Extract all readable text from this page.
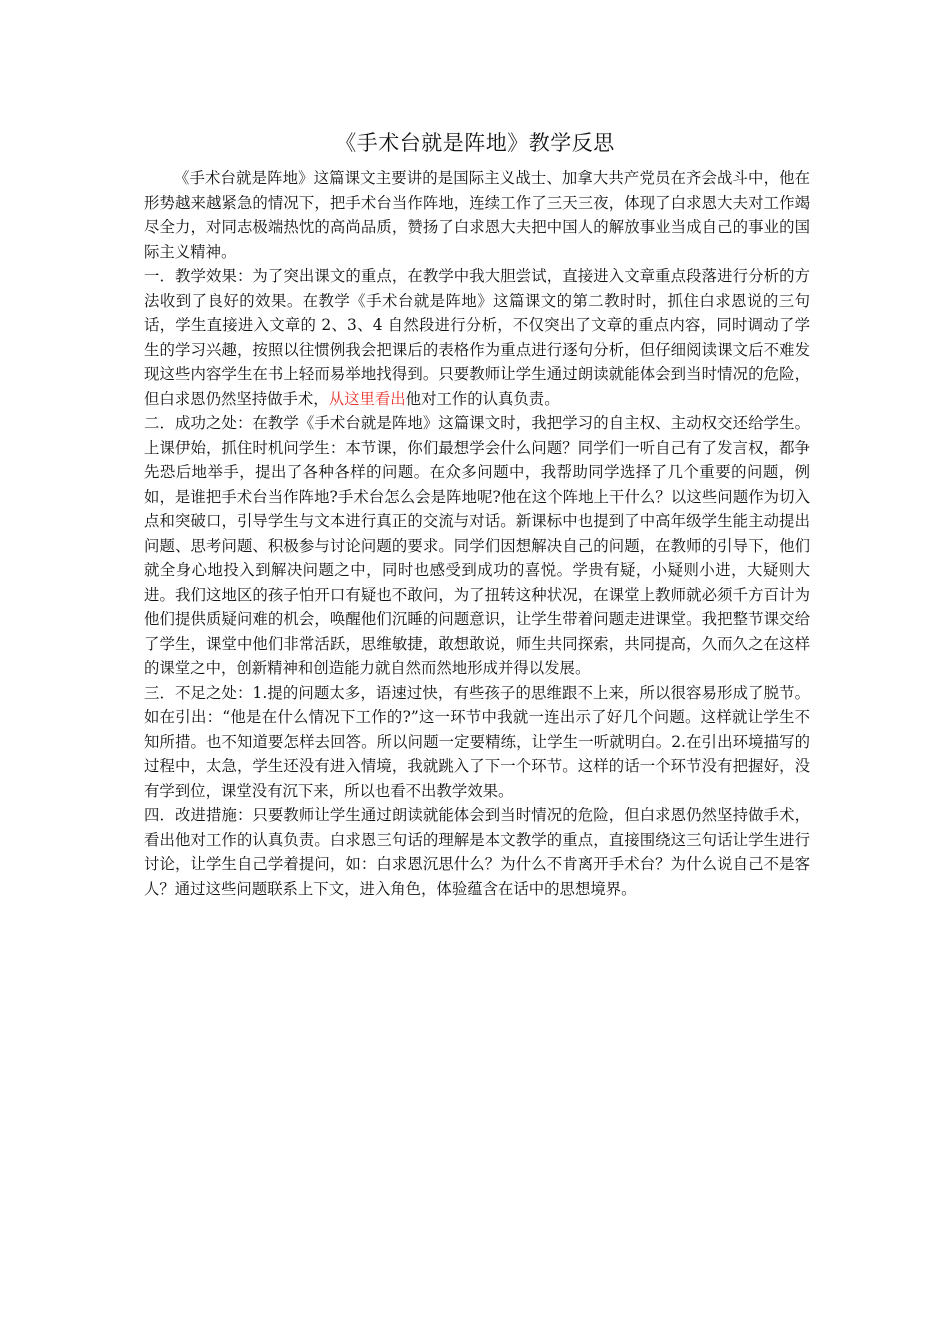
《手术台就是阵地》教学反思

《手术台就是阵地》这篇课文主要讲的是国际主义战士、加拿大共产党员在齐会战斗中，他在形势越来越紧急的情况下，把手术台当作阵地，连续工作了三天三夜，体现了白求恩大夫对工作竭尽全力，对同志极端热忱的高尚品质，赞扬了白求恩大夫把中国人的解放事业当成自己的事业的国际主义精神。

一．教学效果：为了突出课文的重点，在教学中我大胆尝试，直接进入文章重点段落进行分析的方法收到了良好的效果。在教学《手术台就是阵地》这篇课文的第二教时时，抓住白求恩说的三句话，学生直接进入文章的 2、3、4 自然段进行分析，不仅突出了文章的重点内容，同时调动了学生的学习兴趣，按照以往惯例我会把课后的表格作为重点进行逐句分析，但仔细阅读课文后不难发现这些内容学生在书上轻而易举地找得到。只要教师让学生通过朗读就能体会到当时情况的危险，但白求恩仍然坚持做手术，从这里看出他对工作的认真负责。

二．成功之处：在教学《手术台就是阵地》这篇课文时，我把学习的自主权、主动权交还给学生。上课伊始，抓住时机问学生：本节课，你们最想学会什么问题？同学们一听自己有了发言权，都争先恐后地举手，提出了各种各样的问题。在众多问题中，我帮助同学选择了几个重要的问题，例如，是谁把手术台当作阵地?手术台怎么会是阵地呢?他在这个阵地上干什么？以这些问题作为切入点和突破口，引导学生与文本进行真正的交流与对话。新课标中也提到了中高年级学生能主动提出问题、思考问题、积极参与讨论问题的要求。同学们因想解决自己的问题，在教师的引导下，他们就全身心地投入到解决问题之中，同时也感受到成功的喜悦。学贵有疑，小疑则小进，大疑则大进。我们这地区的孩子怕开口有疑也不敢问，为了扭转这种状况，在课堂上教师就必须千方百计为他们提供质疑问难的机会，唤醒他们沉睡的问题意识，让学生带着问题走进课堂。我把整节课交给了学生，课堂中他们非常活跃，思维敏捷，敢想敢说，师生共同探索，共同提高，久而久之在这样的课堂之中，创新精神和创造能力就自然而然地形成并得以发展。

三．不足之处：1.提的问题太多，语速过快，有些孩子的思维跟不上来，所以很容易形成了脱节。如在引出：“他是在什么情况下工作的?”这一环节中我就一连出示了好几个问题。这样就让学生不知所措。也不知道要怎样去回答。所以问题一定要精练，让学生一听就明白。2.在引出环境描写的过程中，太急，学生还没有进入情境，我就跳入了下一个环节。这样的话一个环节没有把握好，没有学到位，课堂没有沉下来，所以也看不出教学效果。

四．改进措施：只要教师让学生通过朗读就能体会到当时情况的危险，但白求恩仍然坚持做手术，看出他对工作的认真负责。白求恩三句话的理解是本文教学的重点，直接围绕这三句话让学生进行讨论，让学生自己学着提问，如：白求恩沉思什么？为什么不肯离开手术台？为什么说自己不是客人？通过这些问题联系上下文，进入角色，体验蕴含在话中的思想境界。
